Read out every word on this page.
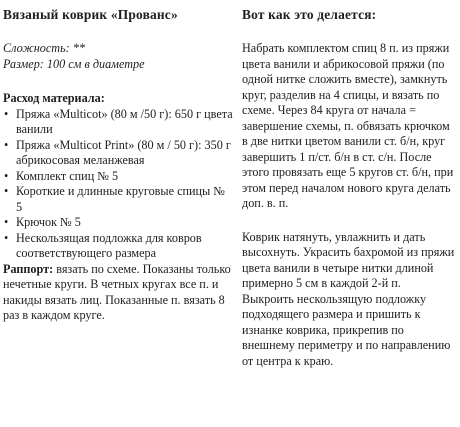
Вязаный коврик «Прованс»

Сложность: **

Размер: 100 см в диаметре

Расход материала:
• Пряжа «Multicot» (80 м /50 г): 650 г цвета ванили
• Пряжа «Multicot Print» (80 м / 50 г): 350 г абрикосовая меланжевая
• Комплект спиц № 5
• Короткие и длинные круговые спицы № 5
• Крючок № 5
• Нескользящая подложка для ковров соответствующего размера

Раппорт: вязать по схеме. Показаны только нечетные круги. В четных кругах все п. и накиды вязать лиц. Показанные п. вязать 8 раз в каждом круге.

Вот как это делается:

Набрать комплектом спиц 8 п. из пряжи цвета ванили и абрикосовой пряжи (по одной нитке сложить вместе), замкнуть круг, разделив на 4 спицы, и вязать по схеме. Через 84 круга от начала = завершение схемы, п. обвязать крючком в две нитки цветом ванили ст. б/н, круг завершить 1 п/ст. б/н в ст. с/н. После этого провязать еще 5 кругов ст. б/н, при этом перед началом нового круга делать доп. в. п.

Коврик натянуть, увлажнить и дать высохнуть. Украсить бахромой из пряжи цвета ванили в четыре нитки длиной примерно 5 см в каждой 2-й п.

Выкроить нескользящую подложку подходящего размера и пришить к изнанке коврика, прикрепив по внешнему периметру и по направлению от центра к краю.
